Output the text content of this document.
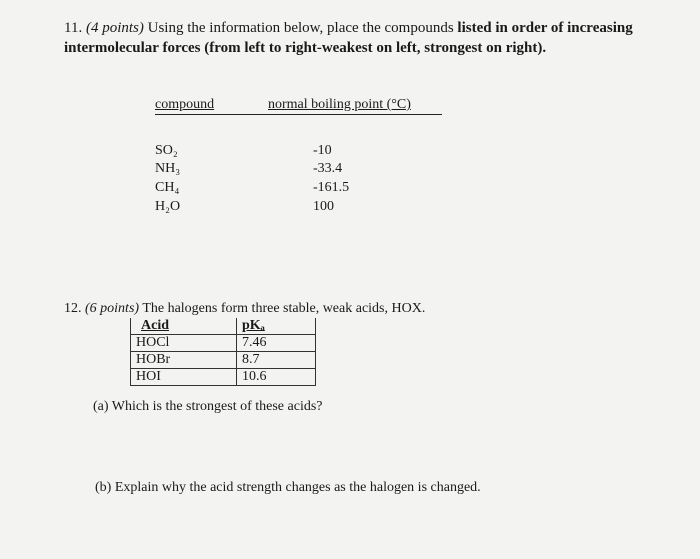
11. (4 points) Using the information below, place the compounds listed in order of increasing intermolecular forces (from left to right-weakest on left, strongest on right).
compound	normal boiling point (°C)
SO₂	-10
NH₃	-33.4
CH₄	-161.5
H₂O	100
12. (6 points) The halogens form three stable, weak acids, HOX.
Acid	pKₐ
HOCl	7.46
HOBr	8.7
HOI	10.6
(a) Which is the strongest of these acids?
(b) Explain why the acid strength changes as the halogen is changed.
